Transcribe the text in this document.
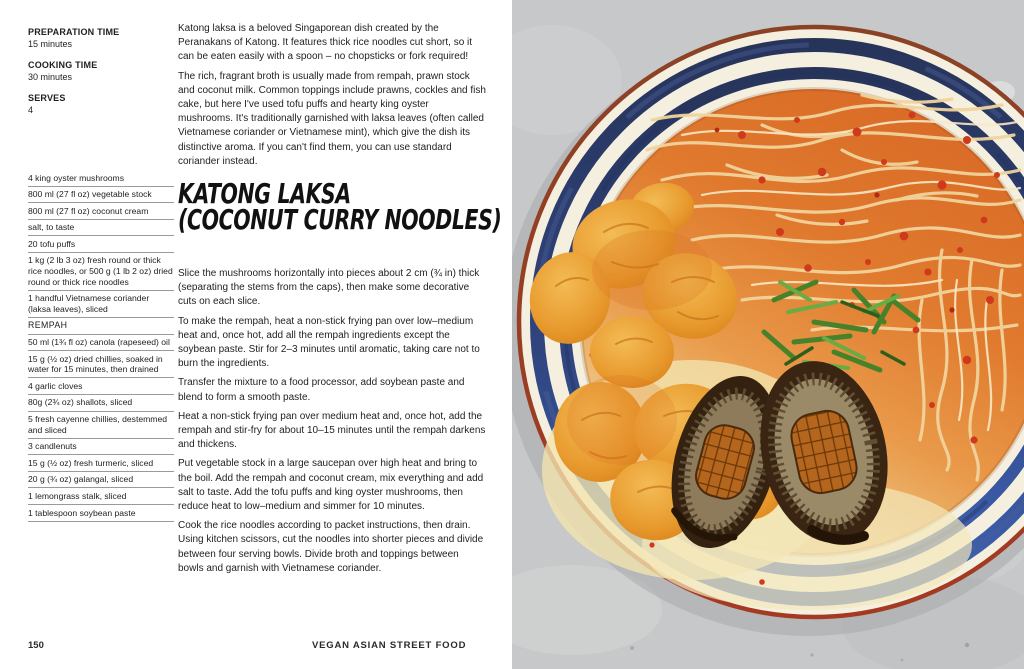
PREPARATION TIME
15 minutes
COOKING TIME
30 minutes
SERVES
4
4 king oyster mushrooms
800 ml (27 fl oz) vegetable stock
800 ml (27 fl oz) coconut cream
salt, to taste
20 tofu puffs
1 kg (2 lb 3 oz) fresh round or thick rice noodles, or 500 g (1 lb 2 oz) dried round or thick rice noodles
1 handful Vietnamese coriander (laksa leaves), sliced
REMPAH
50 ml (1¾ fl oz) canola (rapeseed) oil
15 g (½ oz) dried chillies, soaked in water for 15 minutes, then drained
4 garlic cloves
80g (2¾ oz) shallots, sliced
5 fresh cayenne chillies, destemmed and sliced
3 candlenuts
15 g (½ oz) fresh turmeric, sliced
20 g (¾ oz) galangal, sliced
1 lemongrass stalk, sliced
1 tablespoon soybean paste

Katong laksa is a beloved Singaporean dish created by the Peranakans of Katong. It features thick rice noodles cut short, so it can be eaten easily with a spoon – no chopsticks or fork required!

The rich, fragrant broth is usually made from rempah, prawn stock and coconut milk. Common toppings include prawns, cockles and fish cake, but here I've used tofu puffs and hearty king oyster mushrooms. It's traditionally garnished with laksa leaves (often called Vietnamese coriander or Vietnamese mint), which give the dish its distinctive aroma. If you can't find them, you can use standard coriander instead.

KATONG LAKSA
(COCONUT CURRY NOODLES)

Slice the mushrooms horizontally into pieces about 2 cm (¾ in) thick (separating the stems from the caps), then make some decorative cuts on each slice.

To make the rempah, heat a non-stick frying pan over low–medium heat and, once hot, add all the rempah ingredients except the soybean paste. Stir for 2–3 minutes until aromatic, taking care not to burn the ingredients.

Transfer the mixture to a food processor, add soybean paste and blend to form a smooth paste.

Heat a non-stick frying pan over medium heat and, once hot, add the rempah and stir-fry for about 10–15 minutes until the rempah darkens and thickens.

Put vegetable stock in a large saucepan over high heat and bring to the boil. Add the rempah and coconut cream, mix everything and add salt to taste. Add the tofu puffs and king oyster mushrooms, then reduce heat to low–medium and simmer for 10 minutes.

Cook the rice noodles according to packet instructions, then drain. Using kitchen scissors, cut the noodles into shorter pieces and divide between four serving bowls. Divide broth and toppings between bowls and garnish with Vietnamese coriander.

150	VEGAN ASIAN STREET FOOD
